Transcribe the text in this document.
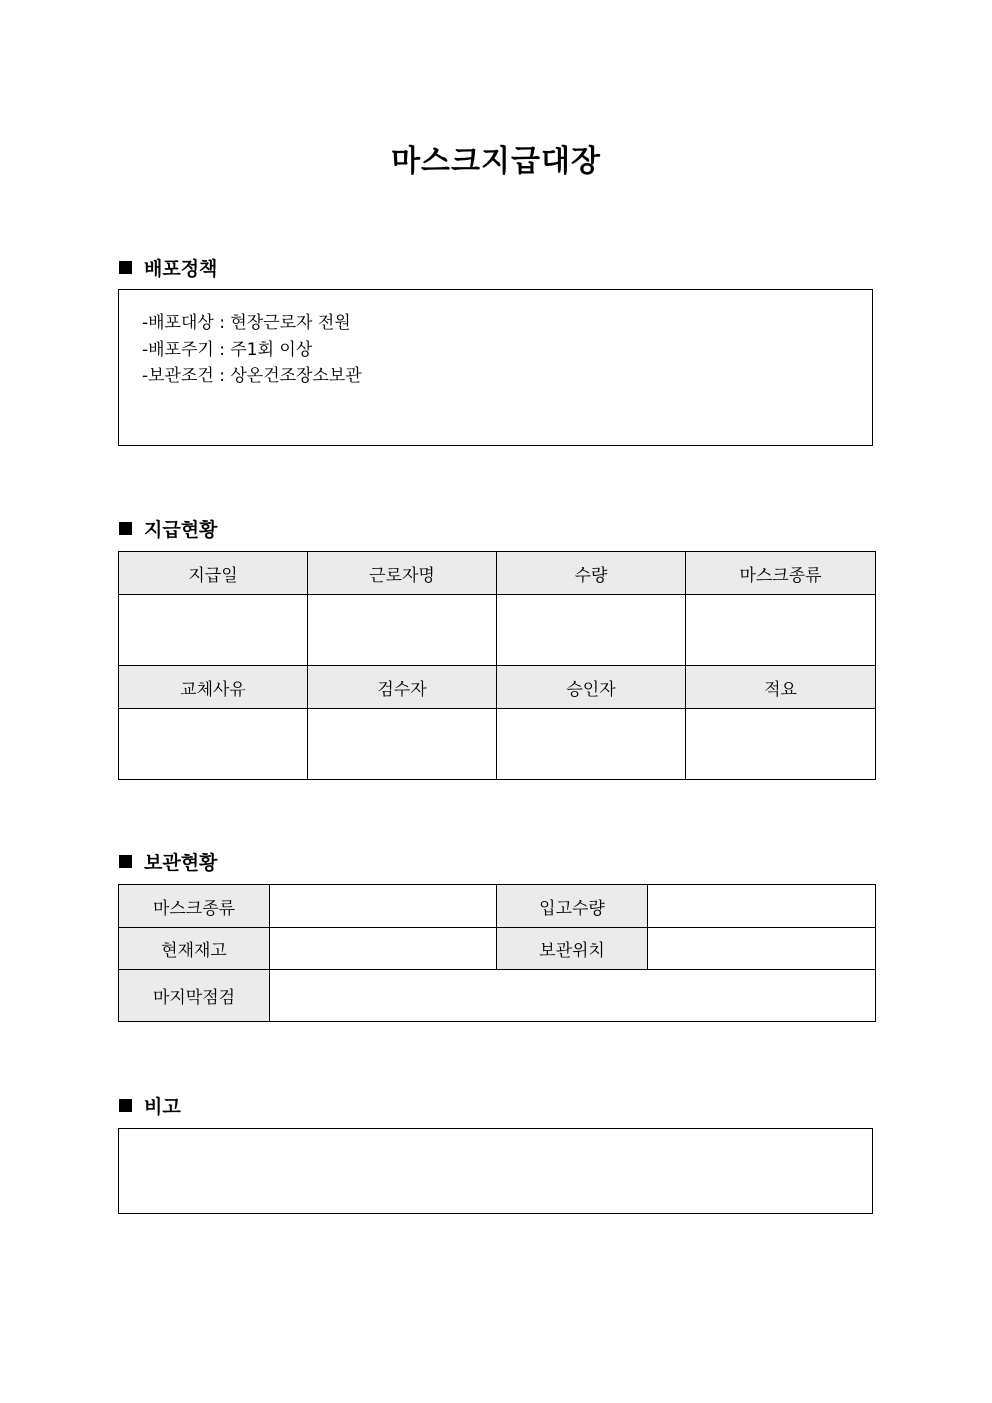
마스크지급대장
배포정책
-배포대상 : 현장근로자 전원
-배포주기 : 주1회 이상
-보관조건 : 상온건조장소보관
지급현황
지급일	근로자명	수량	마스크종류

교체사유	검수자	승인자	적요

보관현황
마스크종류		입고수량	
현재재고		보관위치	
마지막점검			
비고
